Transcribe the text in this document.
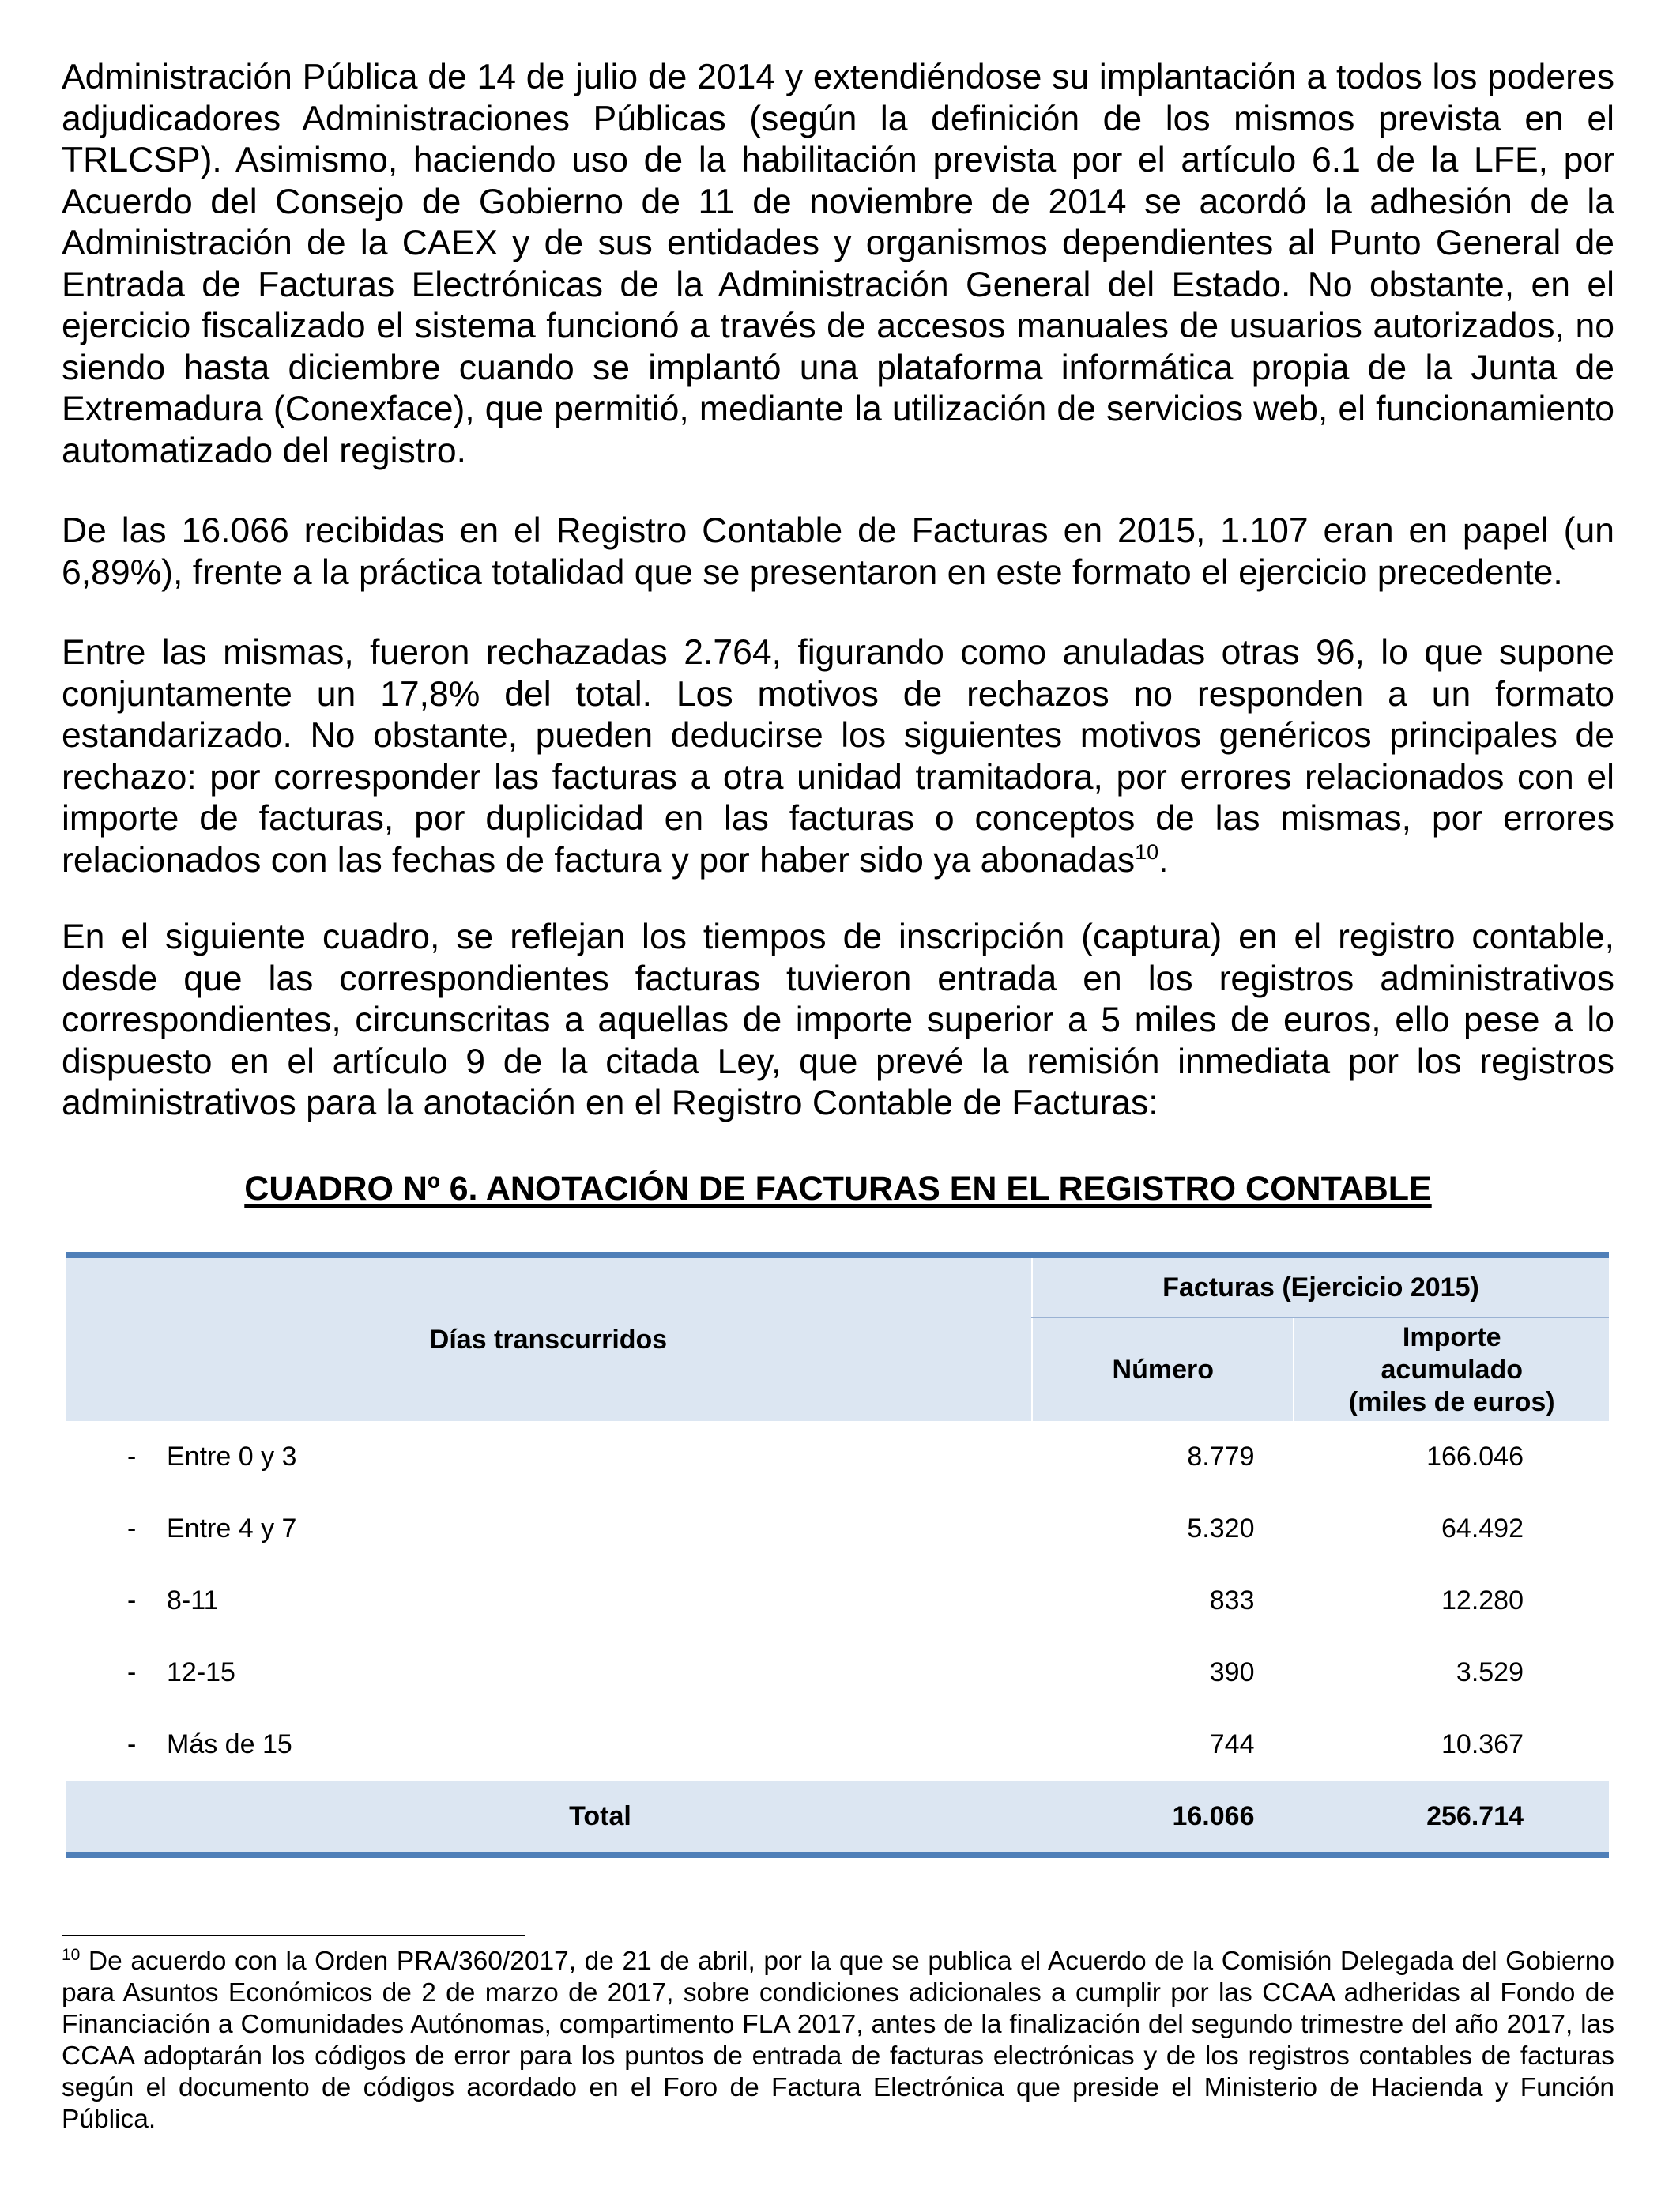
Administración Pública de 14 de julio de 2014 y extendiéndose su implantación a todos los poderes adjudicadores Administraciones Públicas (según la definición de los mismos prevista en el TRLCSP). Asimismo, haciendo uso de la habilitación prevista por el artículo 6.1 de la LFE, por Acuerdo del Consejo de Gobierno de 11 de noviembre de 2014 se acordó la adhesión de la Administración de la CAEX y de sus entidades y organismos dependientes al Punto General de Entrada de Facturas Electrónicas de la Administración General del Estado. No obstante, en el ejercicio fiscalizado el sistema funcionó a través de accesos manuales de usuarios autorizados, no siendo hasta diciembre cuando se implantó una plataforma informática propia de la Junta de Extremadura (Conexface), que permitió, mediante la utilización de servicios web, el funcionamiento automatizado del registro.

De las 16.066 recibidas en el Registro Contable de Facturas en 2015, 1.107 eran en papel (un 6,89%), frente a la práctica totalidad que se presentaron en este formato el ejercicio precedente.

Entre las mismas, fueron rechazadas 2.764, figurando como anuladas otras 96, lo que supone conjuntamente un 17,8% del total. Los motivos de rechazos no responden a un formato estandarizado. No obstante, pueden deducirse los siguientes motivos genéricos principales de rechazo: por corresponder las facturas a otra unidad tramitadora, por errores relacionados con el importe de facturas, por duplicidad en las facturas o conceptos de las mismas, por errores relacionados con las fechas de factura y por haber sido ya abonadas$^{10}$.

En el siguiente cuadro, se reflejan los tiempos de inscripción (captura) en el registro contable, desde que las correspondientes facturas tuvieron entrada en los registros administrativos correspondientes, circunscritas a aquellas de importe superior a 5 miles de euros, ello pese a lo dispuesto en el artículo 9 de la citada Ley, que prevé la remisión inmediata por los registros administrativos para la anotación en el Registro Contable de Facturas:

CUADRO Nº 6. ANOTACIÓN DE FACTURAS EN EL REGISTRO CONTABLE

Días transcurridos	Facturas (Ejercicio 2015)	
	Número	Importe
acumulado
(miles de euros)
- Entre 0 y 3	8.779	166.046
- Entre 4 y 7	5.320	64.492
- 8-11	833	12.280
- 12-15	390	3.529
- Más de 15	744	10.367
Total	16.066	256.714

$^{10}$ De acuerdo con la Orden PRA/360/2017, de 21 de abril, por la que se publica el Acuerdo de la Comisión Delegada del Gobierno para Asuntos Económicos de 2 de marzo de 2017, sobre condiciones adicionales a cumplir por las CCAA adheridas al Fondo de Financiación a Comunidades Autónomas, compartimento FLA 2017, antes de la finalización del segundo trimestre del año 2017, las CCAA adoptarán los códigos de error para los puntos de entrada de facturas electrónicas y de los registros contables de facturas según el documento de códigos acordado en el Foro de Factura Electrónica que preside el Ministerio de Hacienda y Función Pública.
